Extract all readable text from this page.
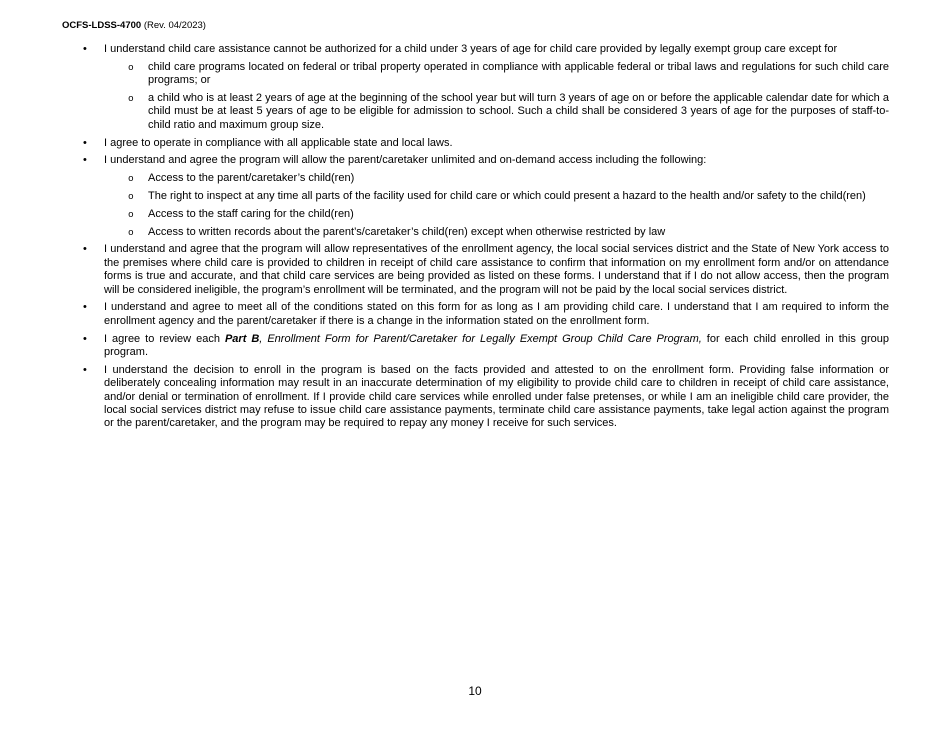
OCFS-LDSS-4700 (Rev. 04/2023)
•	I understand child care assistance cannot be authorized for a child under 3 years of age for child care provided by legally exempt group care except for

o	child care programs located on federal or tribal property operated in compliance with applicable federal or tribal laws and regulations for such child care programs; or

o	a child who is at least 2 years of age at the beginning of the school year but will turn 3 years of age on or before the applicable calendar date for which a child must be at least 5 years of age to be eligible for admission to school. Such a child shall be considered 3 years of age for the purposes of staff-to-child ratio and maximum group size.

•	I agree to operate in compliance with all applicable state and local laws.

•	I understand and agree the program will allow the parent/caretaker unlimited and on-demand access including the following:

o	Access to the parent/caretaker’s child(ren)

o	The right to inspect at any time all parts of the facility used for child care or which could present a hazard to the health and/or safety to the child(ren)

o	Access to the staff caring for the child(ren)

o	Access to written records about the parent’s/caretaker’s child(ren) except when otherwise restricted by law

•	I understand and agree that the program will allow representatives of the enrollment agency, the local social services district and the State of New York access to the premises where child care is provided to children in receipt of child care assistance to confirm that information on my enrollment form and/or on attendance forms is true and accurate, and that child care services are being provided as listed on these forms. I understand that if I do not allow access, then the program will be considered ineligible, the program’s enrollment will be terminated, and the program will not be paid by the local social services district.

•	I understand and agree to meet all of the conditions stated on this form for as long as I am providing child care. I understand that I am required to inform the enrollment agency and the parent/caretaker if there is a change in the information stated on the enrollment form.

•	I agree to review each Part B, Enrollment Form for Parent/Caretaker for Legally Exempt Group Child Care Program, for each child enrolled in this group program.

•	I understand the decision to enroll in the program is based on the facts provided and attested to on the enrollment form. Providing false information or deliberately concealing information may result in an inaccurate determination of my eligibility to provide child care to children in receipt of child care assistance, and/or denial or termination of enrollment. If I provide child care services while enrolled under false pretenses, or while I am an ineligible child care provider, the local social services district may refuse to issue child care assistance payments, terminate child care assistance payments, take legal action against the program or the parent/caretaker, and the program may be required to repay any money I receive for such services.

10
